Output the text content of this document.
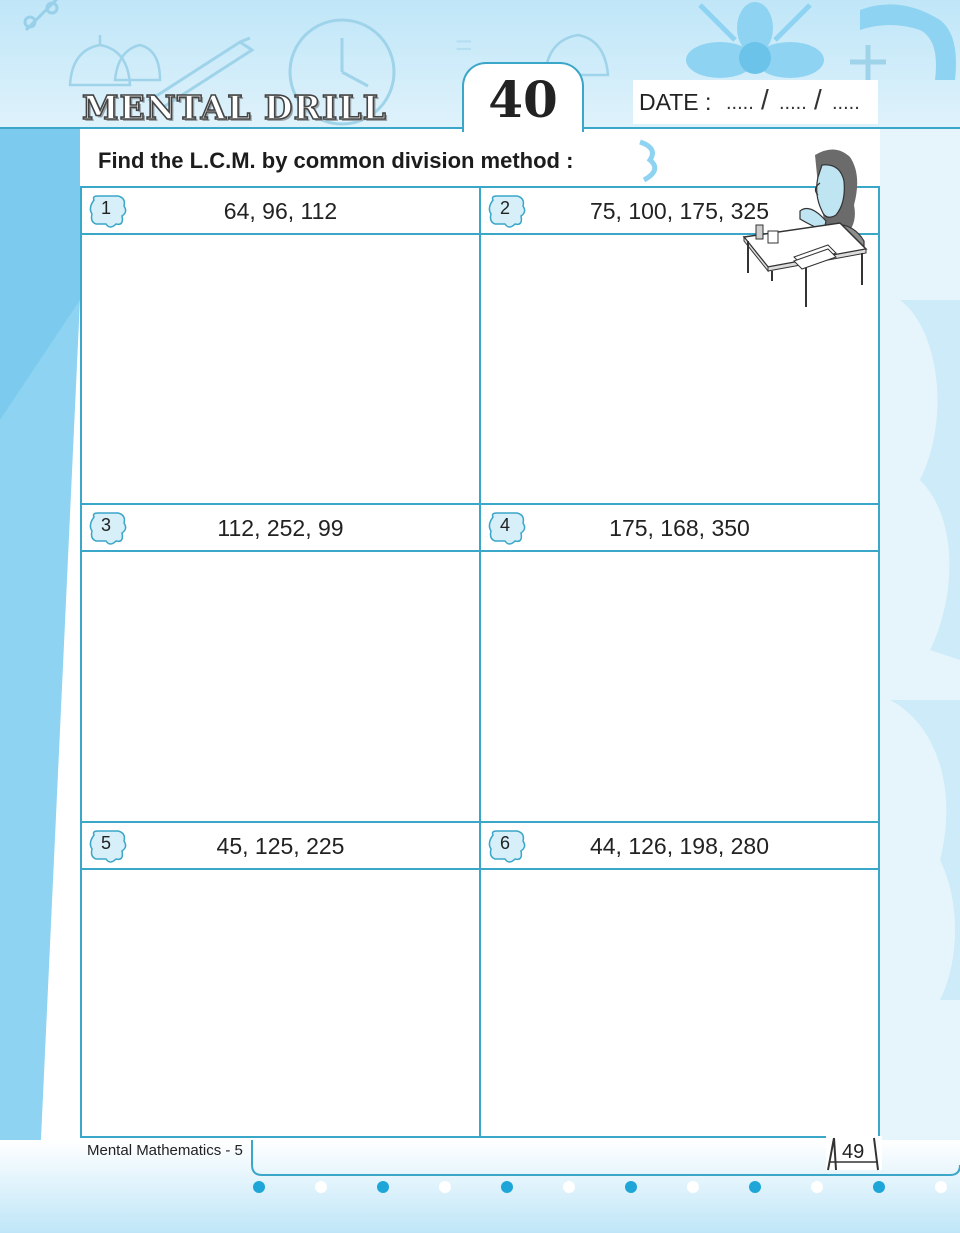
=
MENTAL DRILL	40	DATE : ..... / ..... / .....
Find the L.C.M. by common division method :
1	64, 96, 112	2	75, 100, 175, 325
3	112, 252, 99	4	175, 168, 350
5	45, 125, 225	6	44, 126, 198, 280
Mental Mathematics - 5	49
